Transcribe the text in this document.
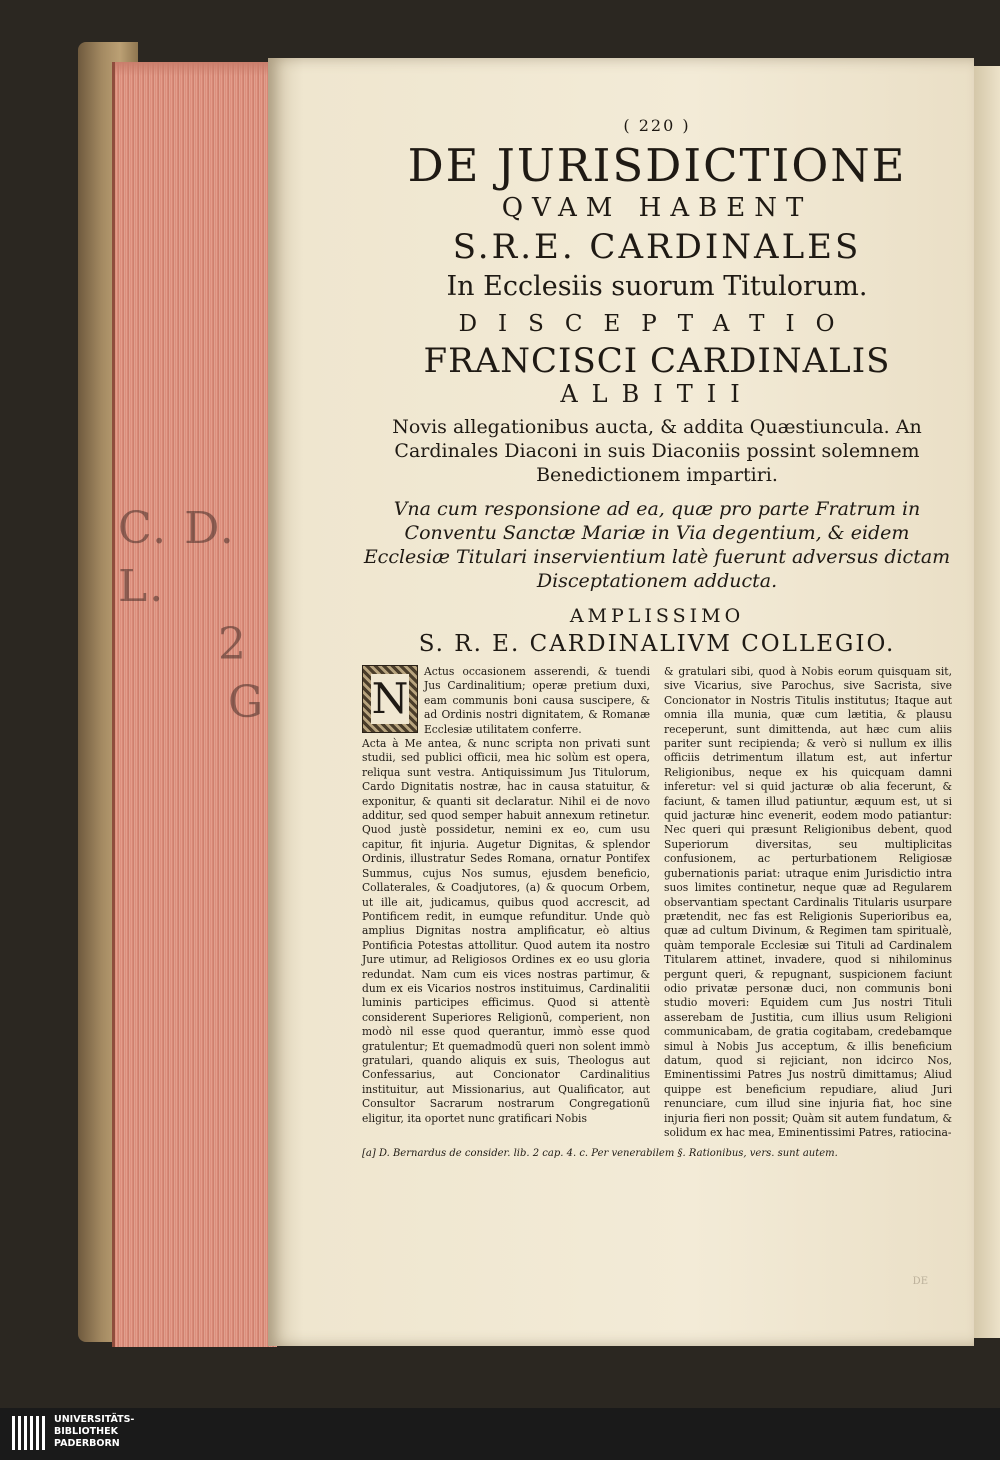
C. D. L.
2
G
( 220 )
DE JURISDICTIONE
QVAM HABENT
S.R.E. CARDINALES
In Ecclesiis suorum Titulorum.
DISCEPTATIO
FRANCISCI CARDINALIS
ALBITII
Novis allegationibus aucta, & addita Quæstiuncula. An Cardinales Diaconi in suis Diaconiis possint solemnem Benedictionem impartiri.
Vna cum responsione ad ea, quæ pro parte Fratrum in Conventu Sanctæ Mariæ in Via degentium, & eidem Ecclesiæ Titulari inservientium latè fuerunt adversus dictam Disceptationem adducta.
AMPLISSIMO
S. R. E. CARDINALIVM COLLEGIO.
N

Actus occasionem asserendi, & tuendi Jus Cardinalitium; operæ pretium duxi, eam communis boni causa suscipere, & ad Ordinis nostri dignitatem, & Romanæ Ecclesiæ utilitatem conferre.

Acta à Me antea, & nunc scripta non privati sunt studii, sed publici officii, mea hic solùm est opera, reliqua sunt vestra. Antiquissimum Jus Titulorum, Cardo Dignitatis nostræ, hac in causa statuitur, & exponitur, & quanti sit declaratur. Nihil ei de novo additur, sed quod semper habuit annexum retinetur. Quod justè possidetur, nemini ex eo, cum usu capitur, fit injuria. Augetur Dignitas, & splendor Ordinis, illustratur Sedes Romana, ornatur Pontifex Summus, cujus Nos sumus, ejusdem beneficio, Collaterales, & Coadjutores, (a) & quocum Orbem, ut ille ait, judicamus, quibus quod accrescit, ad Pontificem redit, in eumque refunditur. Unde quò amplius Dignitas nostra amplificatur, eò altius Pontificia Potestas attollitur. Quod autem ita nostro Jure utimur, ad Religiosos Ordines ex eo usu gloria redundat. Nam cum eis vices nostras partimur, & dum ex eis Vicarios nostros instituimus, Cardinalitii luminis participes efficimus. Quod si attentè considerent Superiores Religionũ, comperient, non modò nil esse quod querantur, immò esse quod gratulentur; Et quemadmodũ queri non solent immò gratulari, quando aliquis ex suis, Theologus aut Confessarius, aut Concionator Cardinalitius instituitur, aut Missionarius, aut Qualificator, aut Consultor Sacrarum nostrarum Congregationũ eligitur, ita oportet nunc gratificari Nobis

& gratulari sibi, quod à Nobis eorum quisquam sit, sive Vicarius, sive Parochus, sive Sacrista, sive Concionator in Nostris Titulis institutus; Itaque aut omnia illa munia, quæ cum lætitia, & plausu receperunt, sunt dimittenda, aut hæc cum aliis pariter sunt recipienda; & verò si nullum ex illis officiis detrimentum illatum est, aut infertur Religionibus, neque ex his quicquam damni inferetur: vel si quid jacturæ ob alia fecerunt, & faciunt, & tamen illud patiuntur, æquum est, ut si quid jacturæ hinc evenerit, eodem modo patiantur: Nec queri qui præsunt Religionibus debent, quod Superiorum diversitas, seu multiplicitas confusionem, ac perturbationem Religiosæ gubernationis pariat: utraque enim Jurisdictio intra suos limites continetur, neque quæ ad Regularem observantiam spectant Cardinalis Titularis usurpare prætendit, nec fas est Religionis Superioribus ea, quæ ad cultum Divinum, & Regimen tam spiritualè, quàm temporale Ecclesiæ sui Tituli ad Cardinalem Titularem attinet, invadere, quod si nihilominus pergunt queri, & repugnant, suspicionem faciunt odio privatæ personæ duci, non communis boni studio moveri: Equidem cum Jus nostri Tituli asserebam de Justitia, cum illius usum Religioni communicabam, de gratia cogitabam, credebamque simul à Nobis Jus acceptum, & illis beneficium datum, quod si rejiciant, non idcirco Nos, Eminentissimi Patres Jus nostrũ dimittamus; Aliud quippe est beneficium repudiare, aliud Juri renunciare, cum illud sine injuria fiat, hoc sine injuria fieri non possit; Quàm sit autem fundatum, & solidum ex hac mea, Eminentissimi Patres, ratiocina-

[a] D. Bernardus de consider. lib. 2 cap. 4. c. Per venerabilem §. Rationibus, vers. sunt autem.
DE
UNIVERSITÄTS-
BIBLIOTHEK
PADERBORN
